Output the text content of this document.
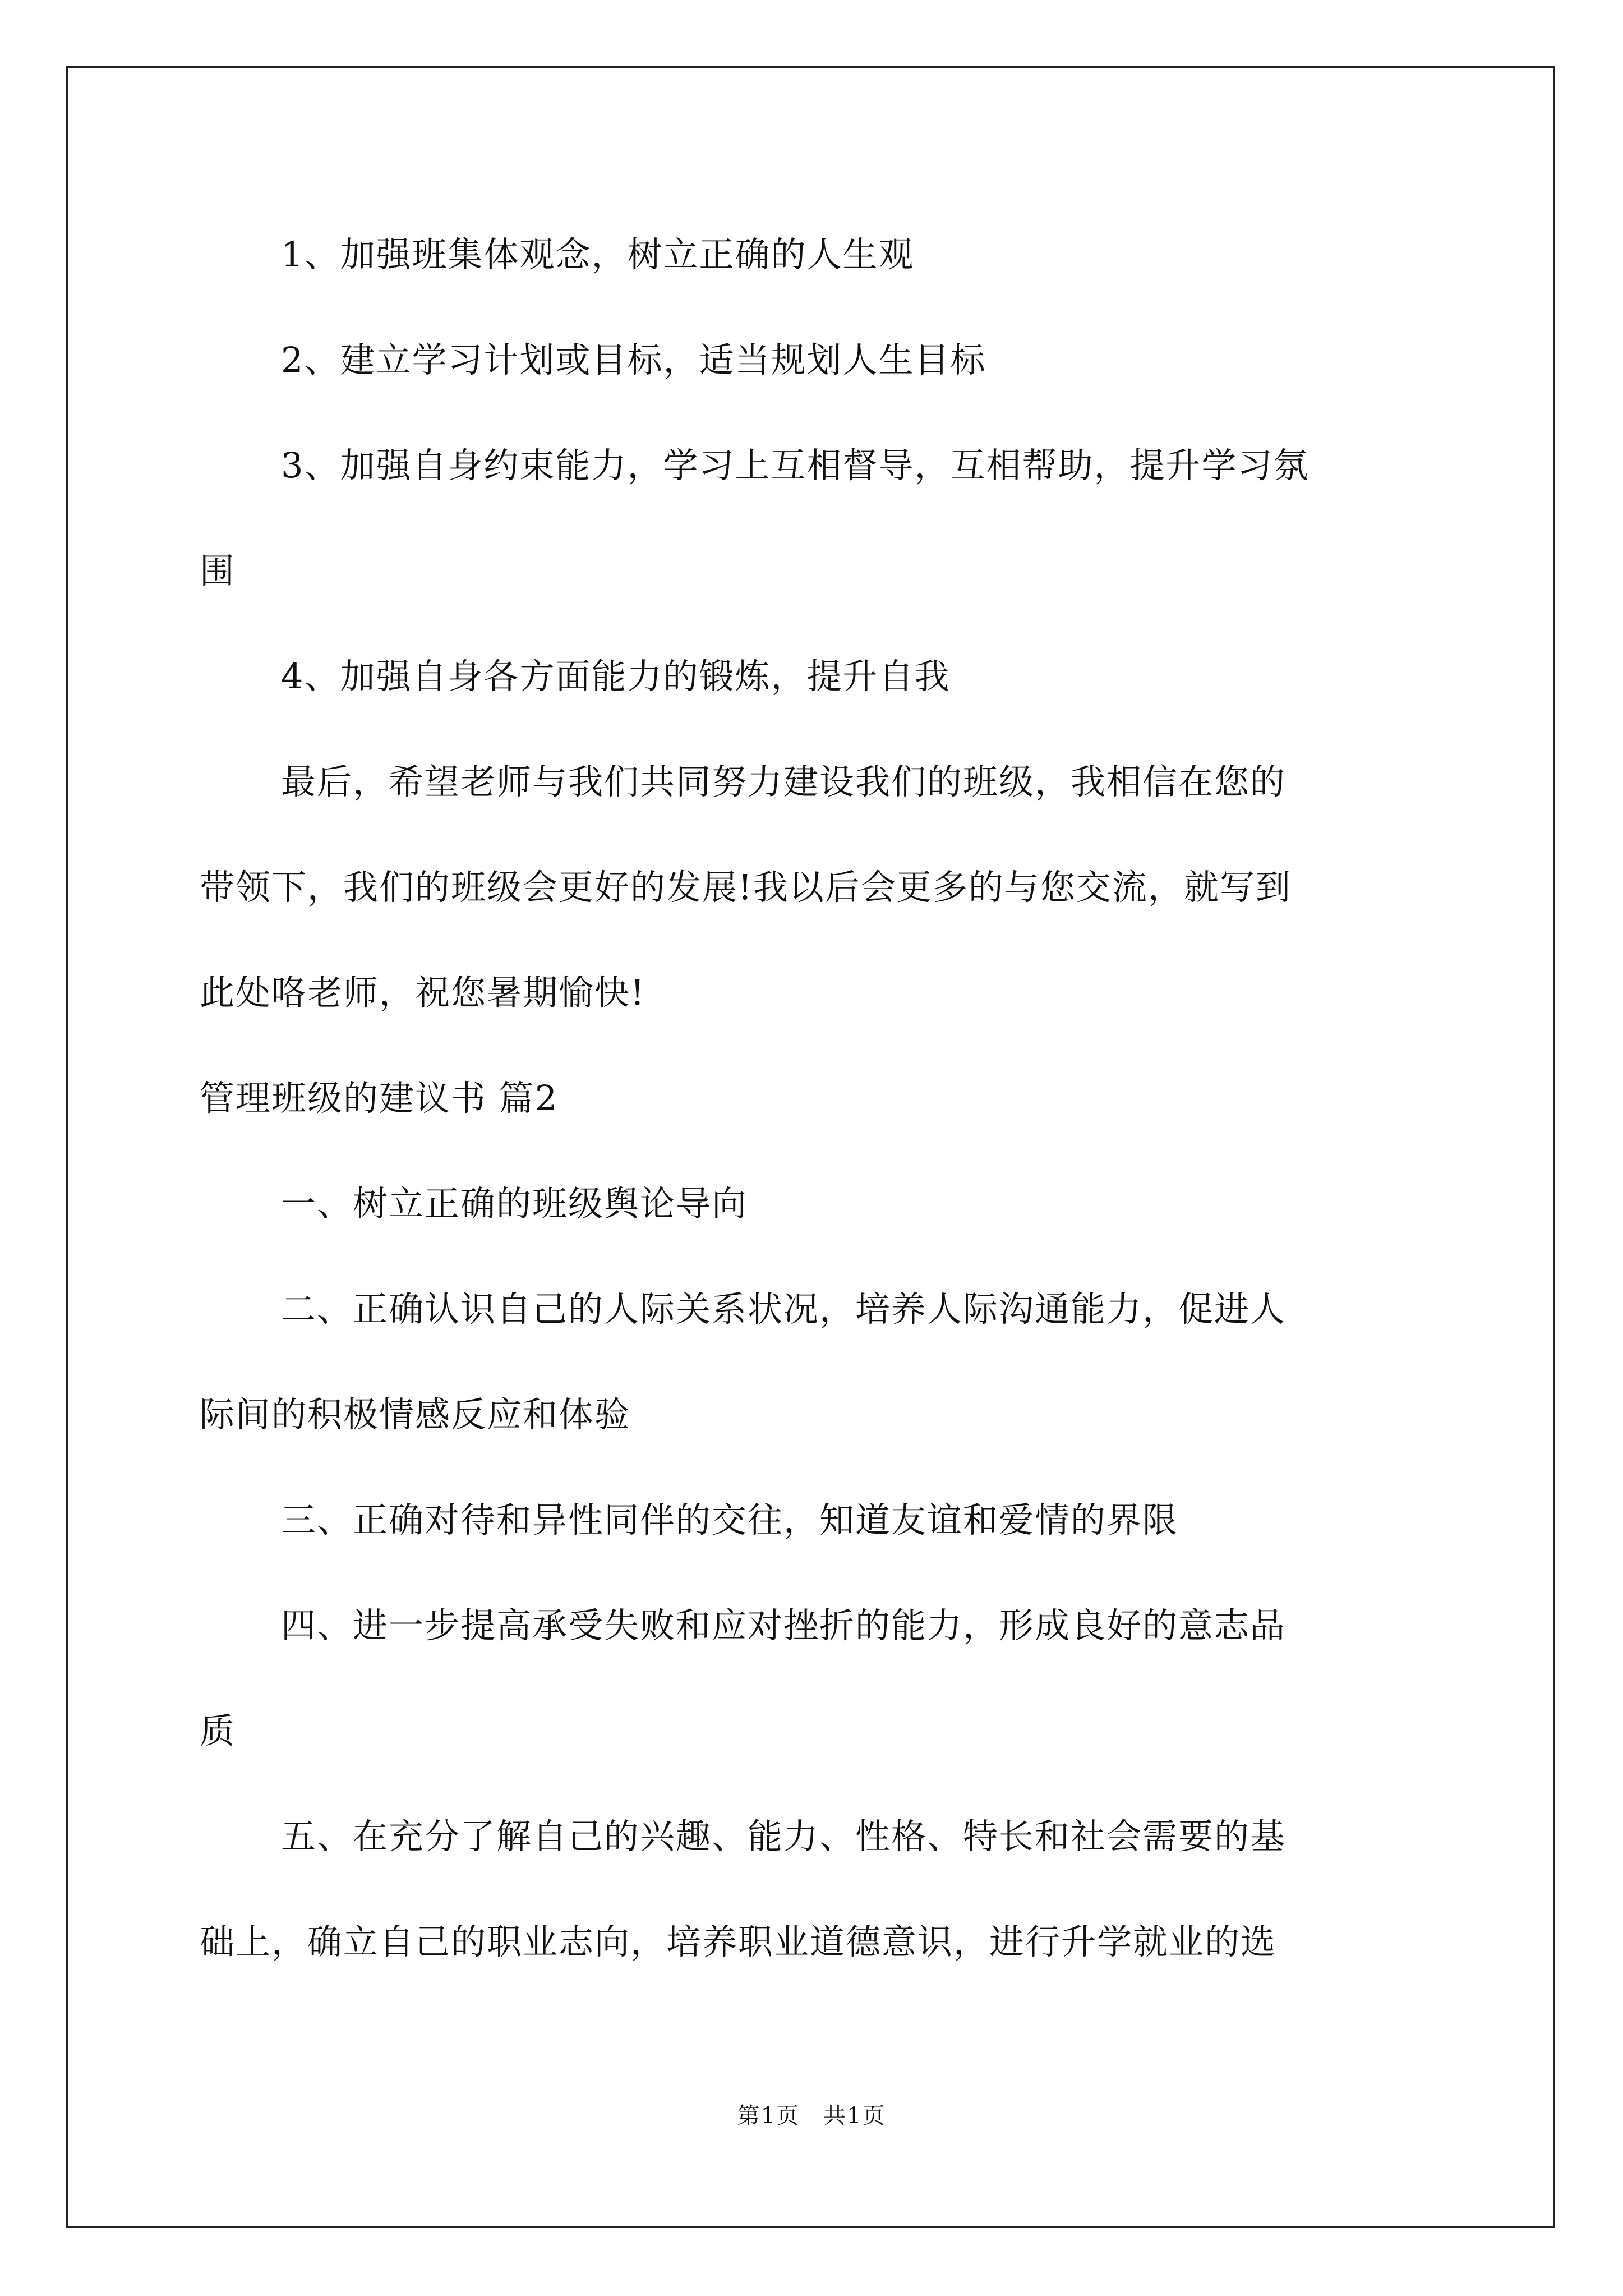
1、加强班集体观念，树立正确的人生观
2、建立学习计划或目标，适当规划人生目标
3、加强自身约束能力，学习上互相督导，互相帮助，提升学习氛
围
4、加强自身各方面能力的锻炼，提升自我
最后，希望老师与我们共同努力建设我们的班级，我相信在您的
带领下，我们的班级会更好的发展!我以后会更多的与您交流，就写到
此处咯老师，祝您暑期愉快!
管理班级的建议书 篇2
一、树立正确的班级舆论导向
二、正确认识自己的人际关系状况，培养人际沟通能力，促进人
际间的积极情感反应和体验
三、正确对待和异性同伴的交往，知道友谊和爱情的界限
四、进一步提高承受失败和应对挫折的能力，形成良好的意志品
质
五、在充分了解自己的兴趣、能力、性格、特长和社会需要的基
础上，确立自己的职业志向，培养职业道德意识，进行升学就业的选
第1页　共1页
